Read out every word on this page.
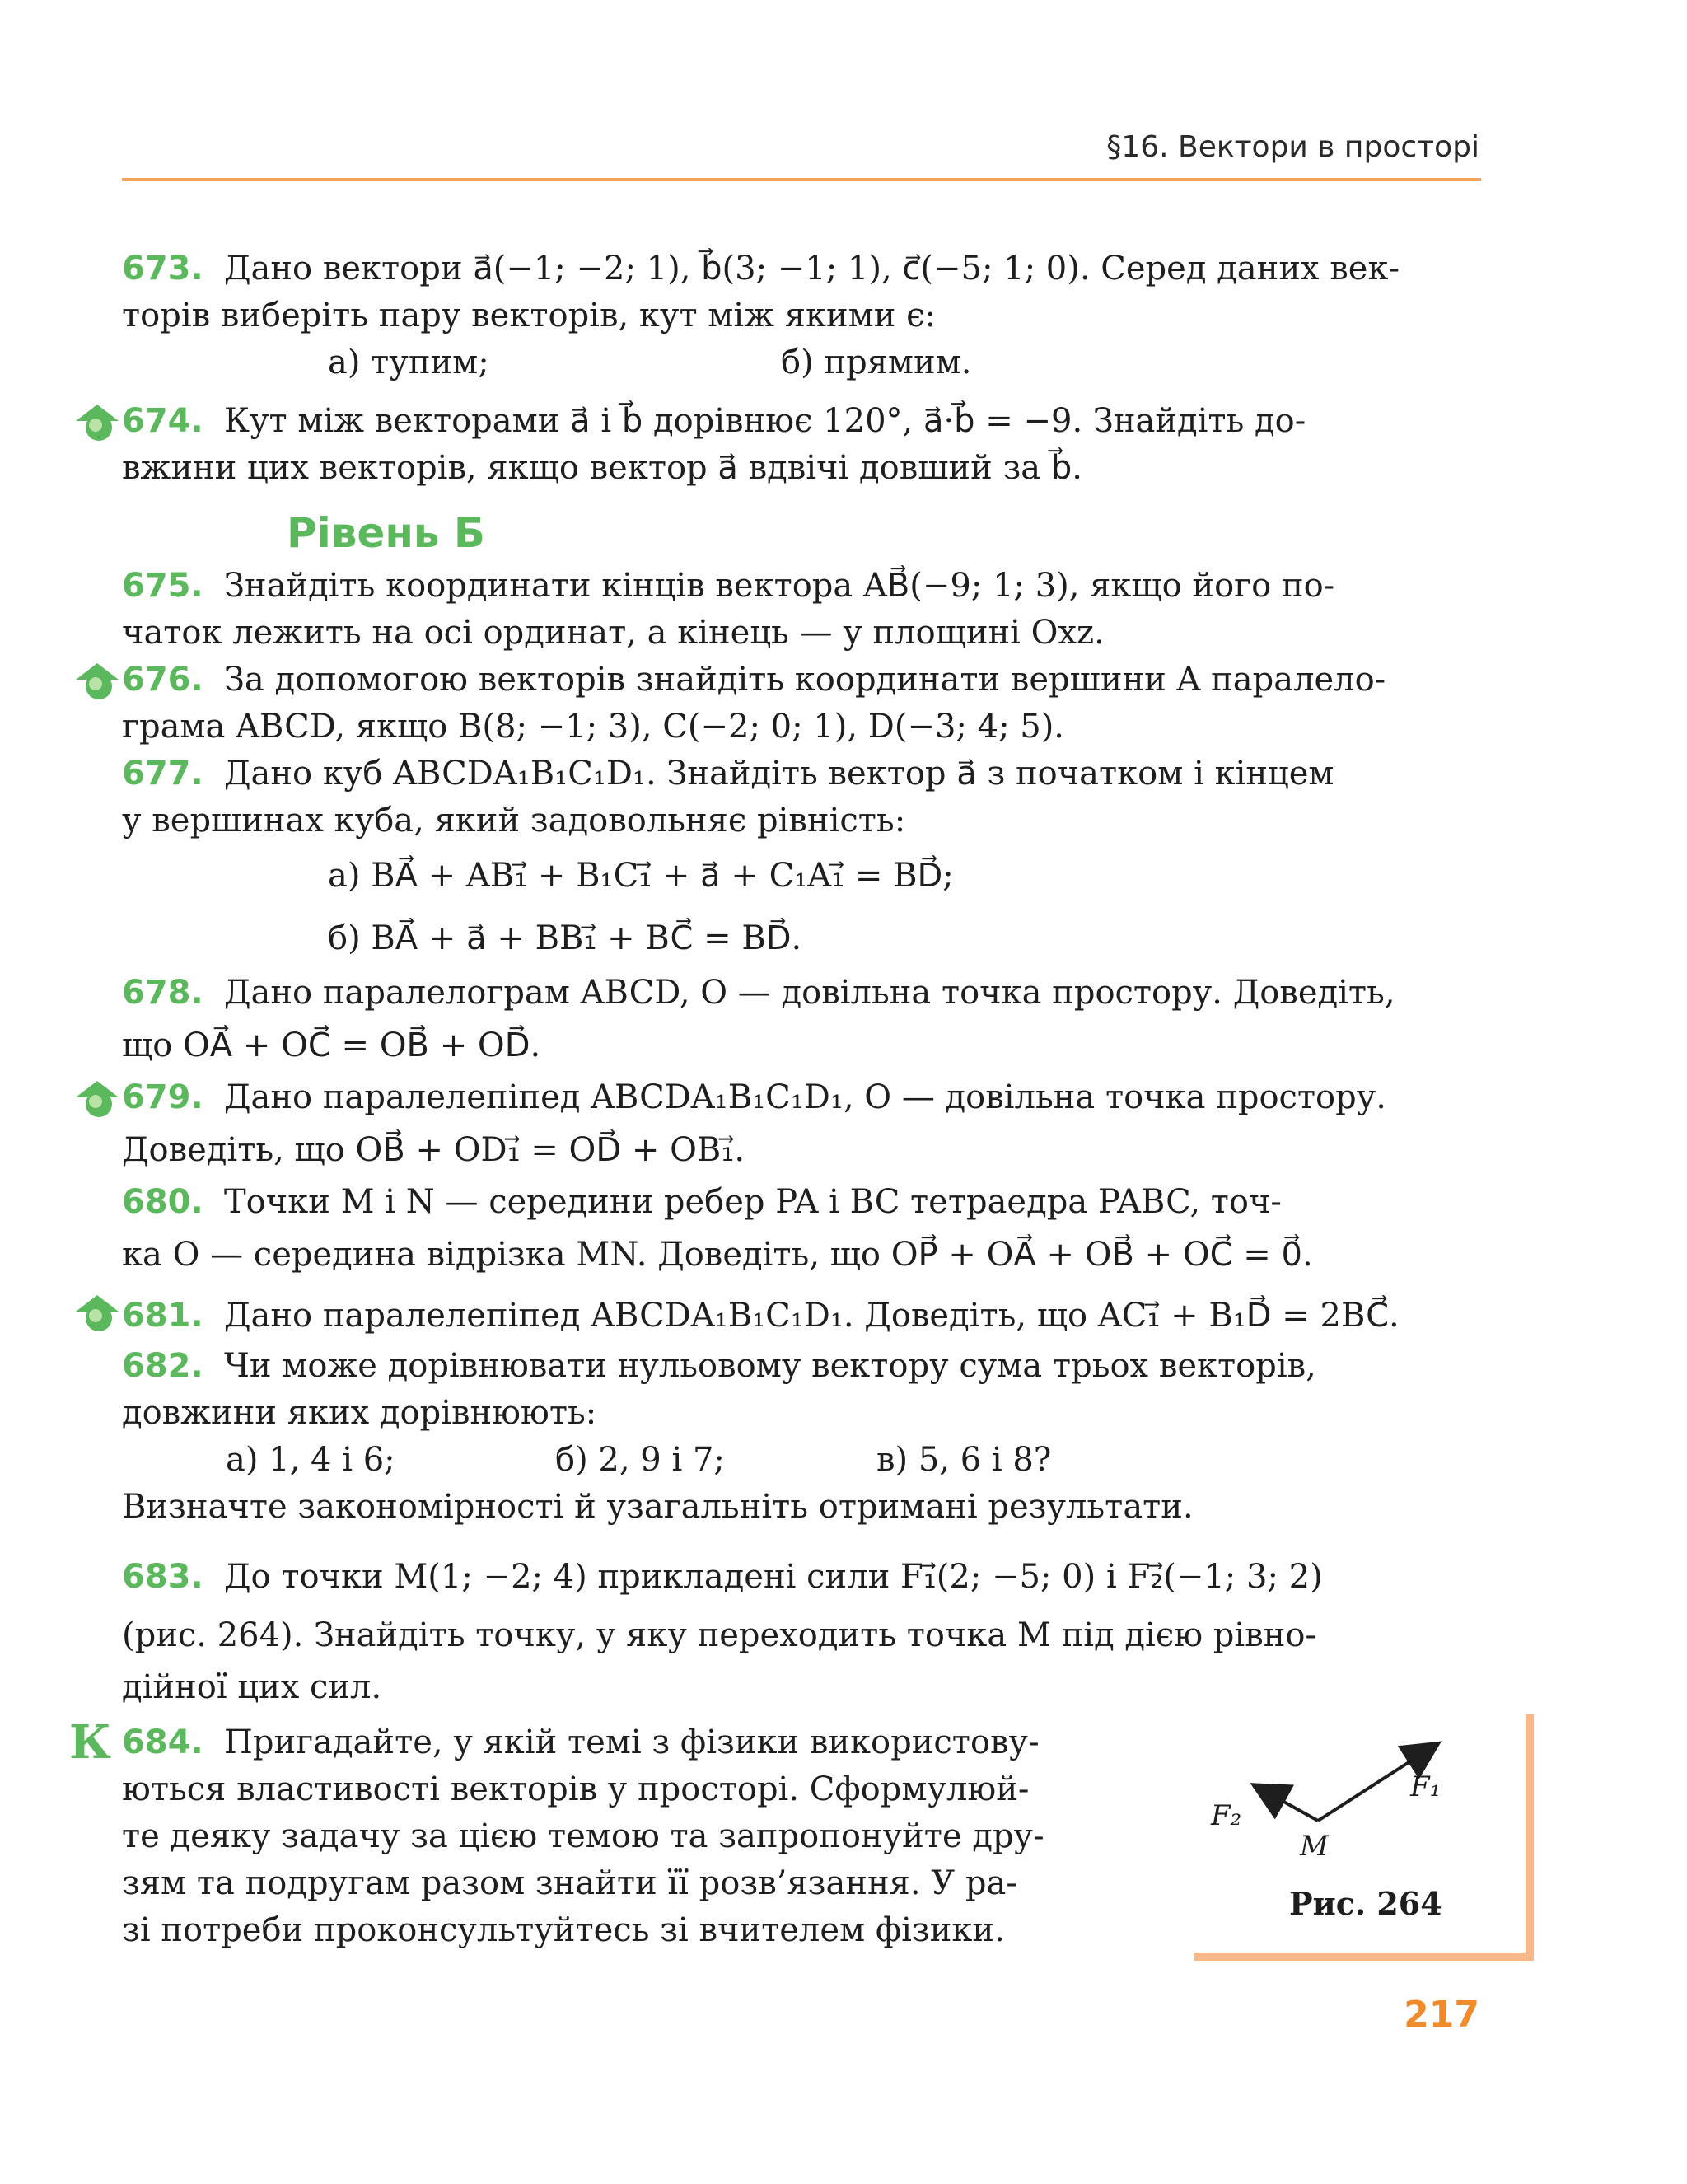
§16. Вектори в просторі
673. Дано вектори a⃗(−1; −2; 1), b⃗(3; −1; 1), c⃗(−5; 1; 0). Серед даних век-
торів виберіть пару векторів, кут між якими є:
а) тупим;	б) прямим.
674. Кут між векторами a⃗ і b⃗ дорівнює 120°, a⃗·b⃗ = −9. Знайдіть до-
вжини цих векторів, якщо вектор a⃗ вдвічі довший за b⃗.
Рівень Б
675. Знайдіть координати кінців вектора AB⃗(−9; 1; 3), якщо його по-
чаток лежить на осі ординат, а кінець — у площині Oxz.
676. За допомогою векторів знайдіть координати вершини A паралело-
грама ABCD, якщо B(8; −1; 3), C(−2; 0; 1), D(−3; 4; 5).
677. Дано куб ABCDA₁B₁C₁D₁. Знайдіть вектор a⃗ з початком і кінцем
у вершинах куба, який задовольняє рівність:
а) BA⃗ + AB₁⃗ + B₁C₁⃗ + a⃗ + C₁A₁⃗ = BD⃗;
б) BA⃗ + a⃗ + BB₁⃗ + BC⃗ = BD⃗.
678. Дано паралелограм ABCD, O — довільна точка простору. Доведіть,
що OA⃗ + OC⃗ = OB⃗ + OD⃗.
679. Дано паралелепіпед ABCDA₁B₁C₁D₁, O — довільна точка простору.
Доведіть, що OB⃗ + OD₁⃗ = OD⃗ + OB₁⃗.
680. Точки M і N — середини ребер PA і BC тетраедра PABC, точ-
ка O — середина відрізка MN. Доведіть, що OP⃗ + OA⃗ + OB⃗ + OC⃗ = 0⃗.
681. Дано паралелепіпед ABCDA₁B₁C₁D₁. Доведіть, що AC₁⃗ + B₁D⃗ = 2BC⃗.
682. Чи може дорівнювати нульовому вектору сума трьох векторів,
довжини яких дорівнюють:
а) 1, 4 і 6;	б) 2, 9 і 7;	в) 5, 6 і 8?
Визначте закономірності й узагальніть отримані результати.
683. До точки M(1; −2; 4) прикладені сили F₁⃗(2; −5; 0) і F₂⃗(−1; 3; 2)
(рис. 264). Знайдіть точку, у яку переходить точка M під дією рівно-
дійної цих сил.
К 684. Пригадайте, у якій темі з фізики використову-
ються властивості векторів у просторі. Сформулюй-
те деяку задачу за цією темою та запропонуйте дру-
зям та подругам разом знайти її розв’язання. У ра-
зі потреби проконсультуйтесь зі вчителем фізики.
F₁
F₂
M
Рис. 264
217
